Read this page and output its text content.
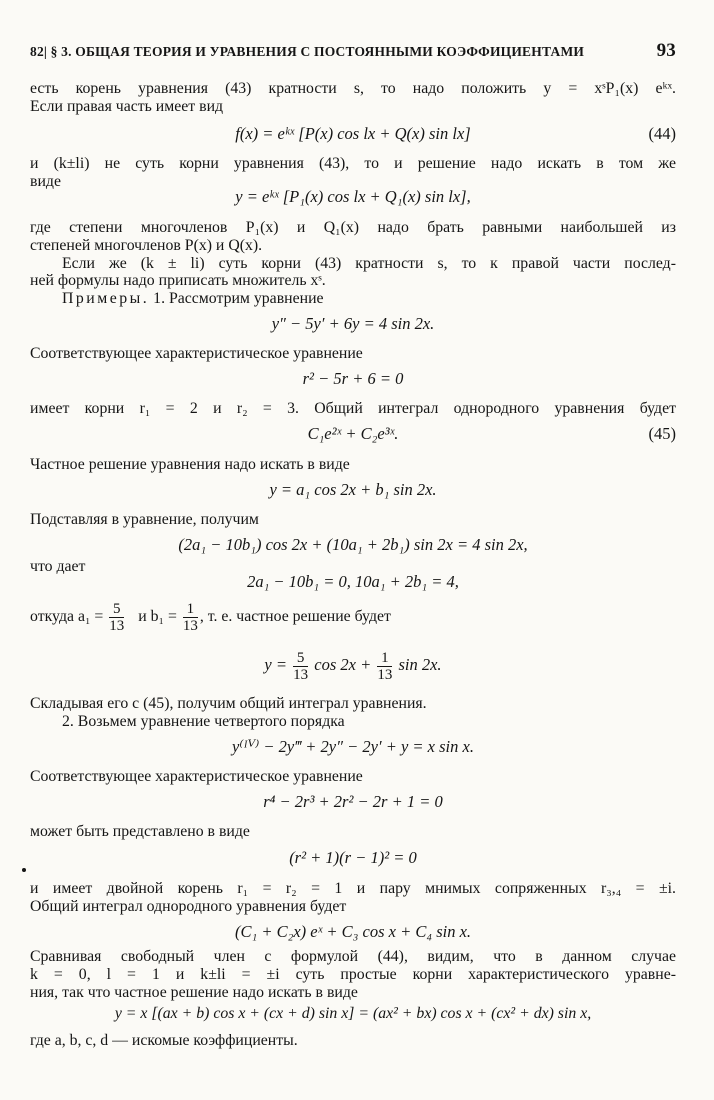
82| § 3. ОБЩАЯ ТЕОРИЯ И УРАВНЕНИЯ С ПОСТОЯННЫМИ КОЭФФИЦИЕНТАМИ	93
есть корень уравнения (43) кратности s, то надо положить y = xˢP₁(x) eᵏˣ.
Если правая часть имеет вид
f(x) = eᵏˣ [P(x) cos lx + Q(x) sin lx]	(44)
и (k±li) не суть корни уравнения (43), то и решение надо искать в том же
виде
y = eᵏˣ [P₁(x) cos lx + Q₁(x) sin lx],
где степени многочленов P₁(x) и Q₁(x) надо брать равными наибольшей из
степеней многочленов P(x) и Q(x).
Если же (k ± li) суть корни (43) кратности s, то к правой части послед-
ней формулы надо приписать множитель xˢ.
Примеры. 1. Рассмотрим уравнение
y″ − 5y′ + 6y = 4 sin 2x.
Соответствующее характеристическое уравнение
r² − 5r + 6 = 0
имеет корни r₁ = 2 и r₂ = 3. Общий интеграл однородного уравнения будет
C₁e²ˣ + C₂e³ˣ.	(45)
Частное решение уравнения надо искать в виде
y = a₁ cos 2x + b₁ sin 2x.
Подставляя в уравнение, получим
(2a₁ − 10b₁) cos 2x + (10a₁ + 2b₁) sin 2x = 4 sin 2x,
что дает
2a₁ − 10b₁ = 0, 10a₁ + 2b₁ = 4,
откуда $a_1 = \frac{5}{13}$ и $b_1 = \frac{1}{13}$ , т. е. частное решение будет
$y = \frac{5}{13}$ $\cos 2x + \frac{1}{13}$ sin 2x.
Складывая его с (45), получим общий интеграл уравнения.
2. Возьмем уравнение четвертого порядка
y⁽ᴵⱽ⁾ − 2y‴ + 2y″ − 2y′ + y = x sin x.
Соответствующее характеристическое уравнение
r⁴ − 2r³ + 2r² − 2r + 1 = 0
может быть представлено в виде
(r² + 1)(r − 1)² = 0
и имеет двойной корень r₁ = r₂ = 1 и пару мнимых сопряженных r₃,₄ = ±i.
Общий интеграл однородного уравнения будет
(C₁ + C₂x) eˣ + C₃ cos x + C₄ sin x.
Сравнивая свободный член с формулой (44), видим, что в данном случае
k = 0, l = 1 и k±li = ±i суть простые корни характеристического уравне-
ния, так что частное решение надо искать в виде
y = x [(ax + b) cos x + (cx + d) sin x] = (ax² + bx) cos x + (cx² + dx) sin x,
где a, b, c, d — искомые коэффициенты.
